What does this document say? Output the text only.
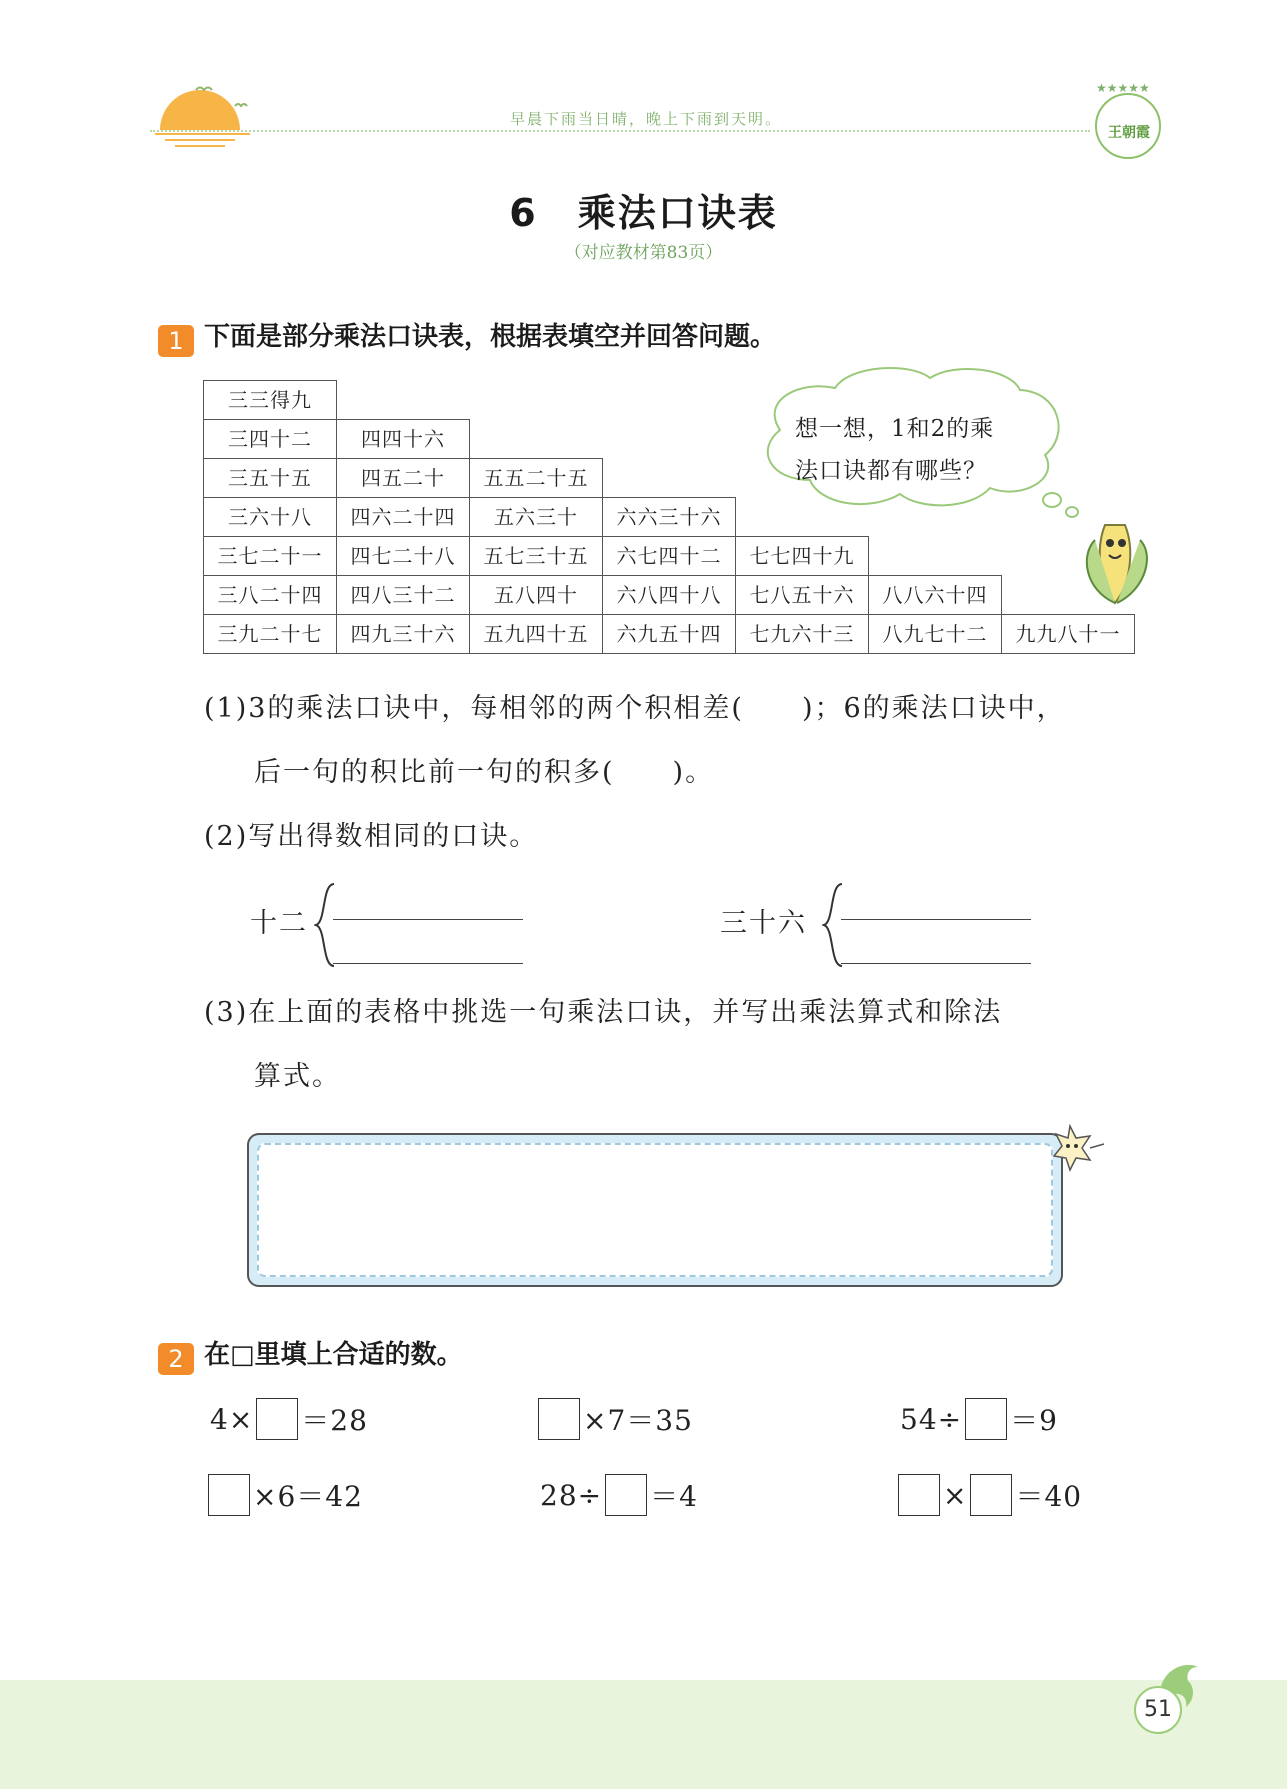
早晨下雨当日晴，晚上下雨到天明。
★★★★★
王朝霞
6　乘法口诀表
（对应教材第83页）
1 下面是部分乘法口诀表，根据表填空并回答问题。
三三得九
三四十二	四四十六
三五十五	四五二十	五五二十五
三六十八	四六二十四	五六三十	六六三十六
三七二十一	四七二十八	五七三十五	六七四十二	七七四十九
三八二十四	四八三十二	五八四十	六八四十八	七八五十六	八八六十四
三九二十七	四九三十六	五九四十五	六九五十四	七九六十三	八九七十二	九九八十一
想一想，1和2的乘
法口诀都有哪些？
(1)3的乘法口诀中，每相邻的两个积相差(　　)；6的乘法口诀中，
后一句的积比前一句的积多(　　)。
(2)写出得数相同的口诀。
十二	三十六
(3)在上面的表格中挑选一句乘法口诀，并写出乘法算式和除法
算式。
2 在□里填上合适的数。
4× ＝28	×7＝35	54÷ ＝9
×6＝42	28÷ ＝4	× ＝40
51
